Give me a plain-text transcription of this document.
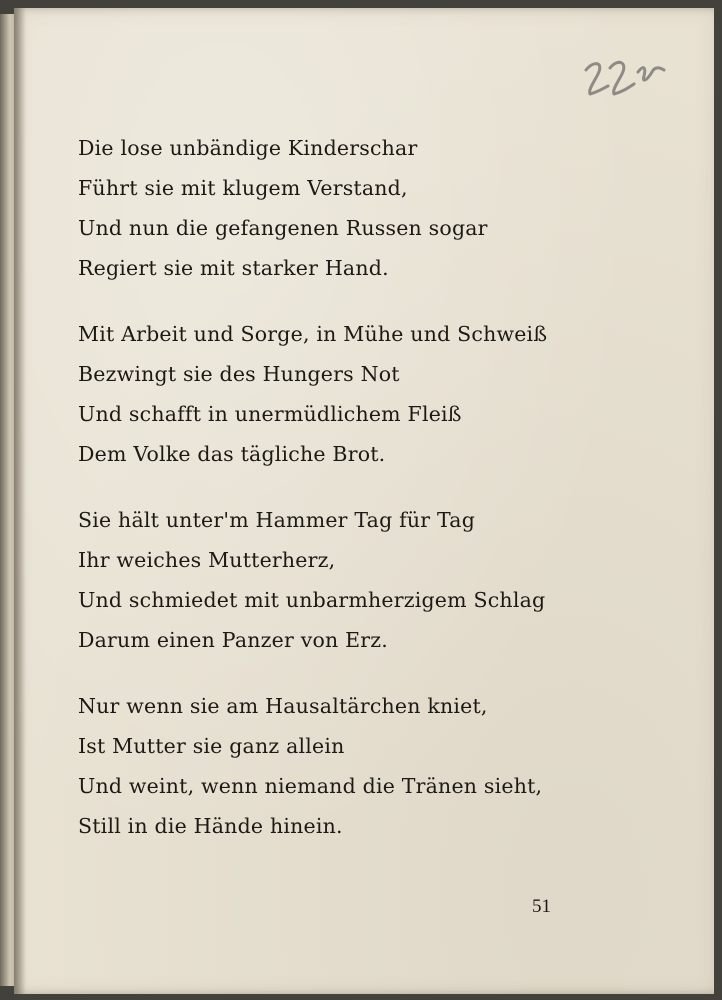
Die lose unbändige Kinderschar
Führt sie mit klugem Verstand,
Und nun die gefangenen Russen sogar
Regiert sie mit starker Hand.
Mit Arbeit und Sorge, in Mühe und Schweiß
Bezwingt sie des Hungers Not
Und schafft in unermüdlichem Fleiß
Dem Volke das tägliche Brot.
Sie hält unter'm Hammer Tag für Tag
Ihr weiches Mutterherz,
Und schmiedet mit unbarmherzigem Schlag
Darum einen Panzer von Erz.
Nur wenn sie am Hausaltärchen kniet,
Ist Mutter sie ganz allein
Und weint, wenn niemand die Tränen sieht,
Still in die Hände hinein.
51
